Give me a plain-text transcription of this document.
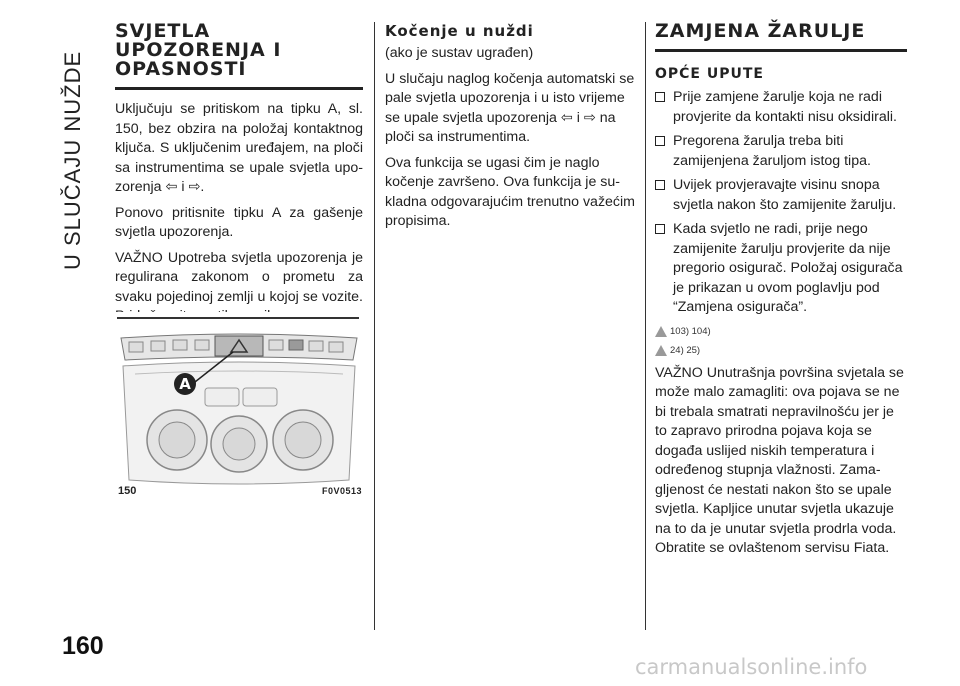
U SLUČAJU NUŽDE
160
SVJETLA
UPOZORENJA I
OPASNOSTI

Uključuju se pritiskom na tipku A, sl. 150, bez obzira na položaj kontaktnog ključa. S uključenim uređajem, na ploči sa instrumentima se upale svjetla upo-zorenja ⇦ i ⇨.

Ponovo pritisnite tipku A za gašenje svjetla upozorenja.

VAŽNO Upotreba svjetla upozorenja je regulirana zakonom o prometu za svaku pojedinoj zemlji u kojoj se vozite.

A
150	F0V0513
Kočenje u nuždi

(ako je sustav ugrađen)

U slučaju naglog kočenja automatski se pale svjetla upozorenja i u isto vrijeme se upale svjetla upozorenja ⇦ i ⇨ na ploči sa instrumentima.

Ova funkcija se ugasi čim je naglo kočenje završeno. Ova funkcija je su-kladna odgovarajućim trenutno važećim propisima.

ZAMJENA ŽARULJE
OPĆE UPUTE
Prije zamjene žarulje koja ne radi provjerite da kontakti nisu oksidirali.
Pregorena žarulja treba biti zamijenjena žaruljom istog tipa.
Uvijek provjeravajte visinu snopa svjetla nakon što zamijenite žarulju.
Kada svjetlo ne radi, prije nego zamijenite žarulju provjerite da nije pregorio osigurač. Položaj osigurača je prikazan u ovom poglavlju pod “Zamjena osigurača”.
103) 104)
24) 25)

VAŽNO Unutrašnja površina svjetala se može malo zamagliti: ova pojava se ne bi trebala smatrati nepravilnošću jer je to zapravo prirodna pojava koja se događa uslijed niskih temperatura i određenog stupnja vlažnosti. Zama-gljenost će nestati nakon što se upale svjetla. Kapljice unutar svjetla ukazuje na to da je unutar svjetla prodrla voda. Obratite se ovlaštenom servisu Fiata.

carmanualsonline.info
